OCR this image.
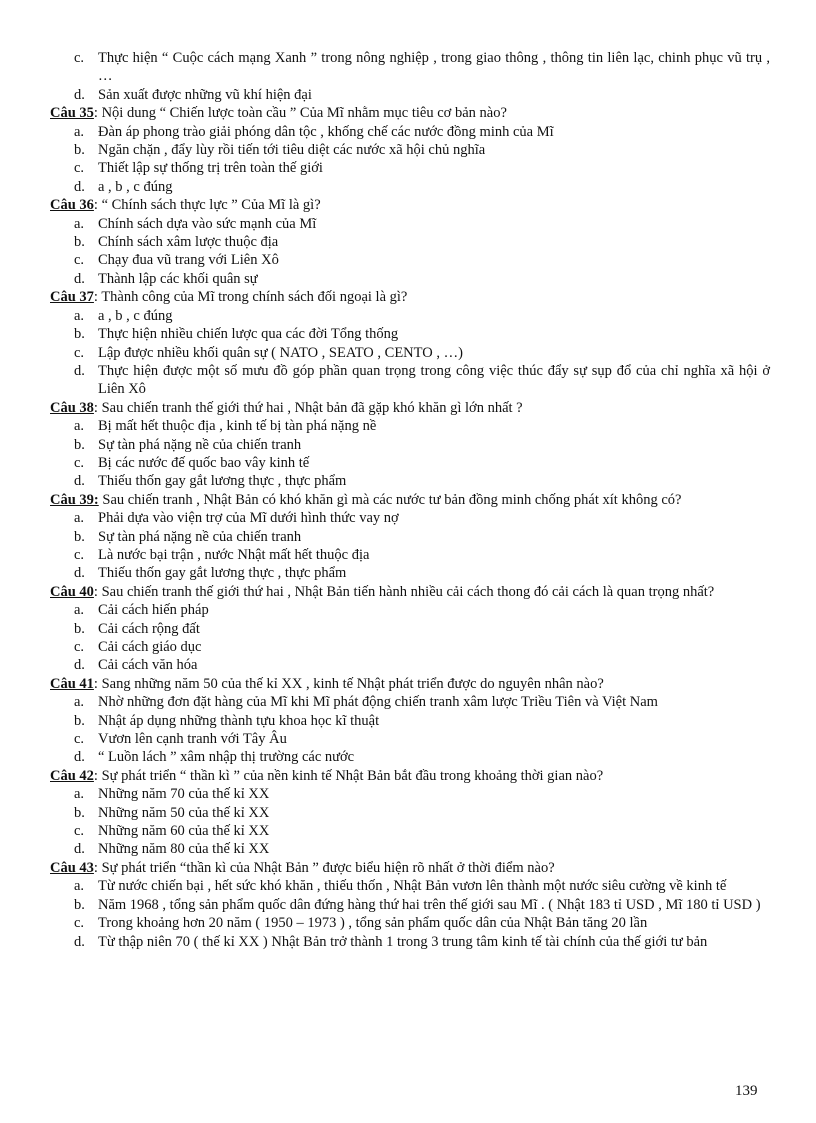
c. Thực hiện “ Cuộc cách mạng Xanh ” trong nông nghiệp , trong giao thông , thông tin liên lạc, chinh phục vũ trụ , …
d. Sản xuất được những vũ khí hiện đại

Câu 35: Nội dung “ Chiến lược toàn cầu ” Của Mĩ nhằm mục tiêu cơ bản nào?

a. Đàn áp phong trào giải phóng dân tộc , khống chế các nước đồng minh của Mĩ
b. Ngăn chặn , đẩy lùy rồi tiến tới tiêu diệt các nước xã hội chủ nghĩa
c. Thiết lập sự thống trị trên toàn thế giới
d. a , b , c đúng

Câu 36: “ Chính sách thực lực ” Của Mĩ là gì?

a. Chính sách dựa vào sức mạnh của Mĩ
b. Chính sách xâm lược thuộc địa
c. Chạy đua vũ trang với Liên Xô
d. Thành lập các khối quân sự

Câu 37: Thành công của Mĩ trong chính sách đối ngoại là gì?

a. a , b , c đúng
b. Thực hiện nhiều chiến lược qua các đời Tổng thống
c. Lập được nhiều khối quân sự ( NATO , SEATO , CENTO , …)
d. Thực hiện được một số mưu đồ góp phần quan trọng trong công việc thúc đẩy sự sụp đổ của chỉ nghĩa xã hội ở Liên Xô

Câu 38: Sau chiến tranh thế giới thứ hai , Nhật bản đã gặp khó khăn gì lớn nhất ?

a. Bị mất hết thuộc địa , kinh tế bị tàn phá nặng nề
b. Sự tàn phá nặng nề của chiến tranh
c. Bị các nước đế quốc bao vây kinh tế
d. Thiếu thốn gay gắt lương thực , thực phẩm

Câu 39: Sau chiến tranh , Nhật Bản có khó khăn gì mà các nước tư bản đồng minh chống phát xít không có?

a. Phải dựa vào viện trợ của Mĩ dưới hình thức vay nợ
b. Sự tàn phá nặng nề của chiến tranh
c. Là nước bại trận , nước Nhật mất hết thuộc địa
d. Thiếu thốn gay gắt lương thực , thực phẩm

Câu 40: Sau chiến tranh thế giới thứ hai , Nhật Bản tiến hành nhiều cải cách thong đó cải cách là quan trọng nhất?

a. Cải cách hiến pháp
b. Cải cách rộng đất
c. Cải cách giáo dục
d. Cải cách văn hóa

Câu 41: Sang những năm 50 của thế kỉ XX , kinh tế Nhật phát triển được do nguyên nhân nào?

a. Nhờ những đơn đặt hàng của Mĩ khi Mĩ phát động chiến tranh xâm lược Triều Tiên và Việt Nam
b. Nhật áp dụng những thành tựu khoa học kĩ thuật
c. Vươn lên cạnh tranh với Tây Âu
d. “ Luồn lách ” xâm nhập thị trường các nước

Câu 42: Sự phát triển “ thần kì ” của nền kinh tế Nhật Bản bắt đầu trong khoảng thời gian nào?

a. Những năm 70 của thế kỉ XX
b. Những năm 50 của thế kỉ XX
c. Những năm 60 của thế kỉ XX
d. Những năm 80 của thế kỉ XX

Câu 43: Sự phát triển “thần kì của Nhật Bản ” được biểu hiện rõ nhất ở thời điểm nào?

a. Từ nước chiến bại , hết sức khó khăn , thiếu thốn , Nhật Bản vươn lên thành một nước siêu cường về kinh tế
b. Năm 1968 , tổng sản phẩm quốc dân đứng hàng thứ hai trên thế giới sau Mĩ . ( Nhật 183 tỉ USD , Mĩ 180 tỉ USD )
c. Trong khoảng hơn 20 năm ( 1950 – 1973 ) , tổng sản phẩm quốc dân của Nhật Bản tăng 20 lần
d. Từ thập niên 70 ( thế kỉ XX ) Nhật Bản trở thành 1 trong 3 trung tâm kinh tế tài chính của thế giới tư bản
139
